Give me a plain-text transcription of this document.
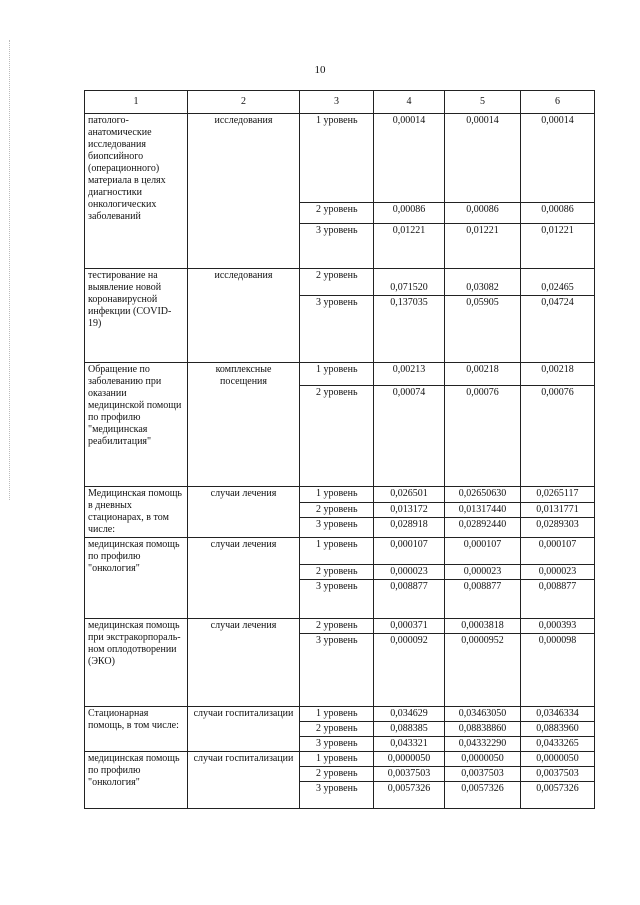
10
1	2	3	4	5	6
патолого-анатомические исследования биопсийного (операционного) материала в целях диагностики онкологических заболеваний	исследования	1 уровень	0,00014	0,00014	0,00014
		2 уровень	0,00086	0,00086	0,00086
		3 уровень	0,01221	0,01221	0,01221
тестирование на выявление новой коронавирусной инфекции (COVID-19)	исследования	2 уровень	0,071520	0,03082	0,02465
		3 уровень	0,137035	0,05905	0,04724
Обращение по заболеванию при оказании медицинской помощи по профилю "медицинская реабилитация"	комплексные посещения	1 уровень	0,00213	0,00218	0,00218
		2 уровень	0,00074	0,00076	0,00076
Медицинская помощь в дневных стационарах, в том числе:	случаи лечения	1 уровень	0,026501	0,02650630	0,0265117
		2 уровень	0,013172	0,01317440	0,0131771
		3 уровень	0,028918	0,02892440	0,0289303
медицинская помощь по профилю "онкология"	случаи лечения	1 уровень	0,000107	0,000107	0,000107
		2 уровень	0,000023	0,000023	0,000023
		3 уровень	0,008877	0,008877	0,008877
медицинская помощь при экстракорпораль-ном оплодотворении (ЭКО)	случаи лечения	2 уровень	0,000371	0,0003818	0,000393
		3 уровень	0,000092	0,0000952	0,000098
Стационарная помощь, в том числе:	случаи госпитализации	1 уровень	0,034629	0,03463050	0,0346334
		2 уровень	0,088385	0,08838860	0,0883960
		3 уровень	0,043321	0,04332290	0,0433265
медицинская помощь по профилю "онкология"	случаи госпитализации	1 уровень	0,0000050	0,0000050	0,0000050
		2 уровень	0,0037503	0,0037503	0,0037503
		3 уровень	0,0057326	0,0057326	0,0057326
